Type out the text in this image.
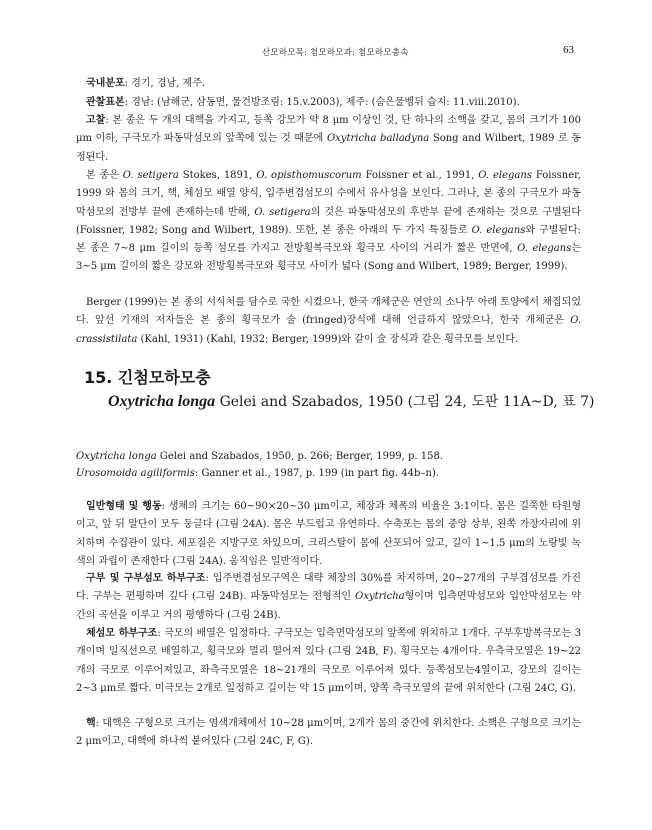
산모하모목: 첨모하모과: 첨모하모충속	63

국내분포: 경기, 경남, 제주.

관찰표본: 경남: (남해군, 삼동면, 물건방조림: 15.v.2003), 제주: (숨은물벵뒤 습지: 11.viii.2010).

고찰: 본 종은 두 개의 대핵을 가지고, 등쪽 강모가 약 8 μm 이상인 것, 단 하나의 소핵을 갖고, 몸의 크기가 100 μm 이하, 구극모가 파동막섬모의 앞쪽에 있는 것 때문에 Oxytricha balladyna Song and Wilbert, 1989 로 동정된다.

본 종은 O. setigera Stokes, 1891, O. opisthomuscorum Foissner et al., 1991, O. elegans Foissner, 1999 와 몸의 크기, 핵, 체섬모 배열 양식, 입주변겹섬모의 수에서 유사성을 보인다. 그러나, 본 종의 구극모가 파동막섬모의 전방부 끝에 존재하는데 반해, O. setigera의 것은 파동막섬모의 후반부 끝에 존재하는 것으로 구별된다 (Foissner, 1982; Song and Wilbert, 1989). 또한, 본 종은 아래의 두 가지 특징들로 O. elegans와 구별된다: 본 종은 7~8 μm 길이의 등쪽 섬모를 가지고 전방횡복극모와 횡극모 사이의 거리가 짧은 반면에, O. elegans는 3~5 μm 길이의 짧은 강모와 전방횡복극모와 횡극모 사이가 넓다 (Song and Wilbert, 1989; Berger, 1999).

Berger (1999)는 본 종의 서식처를 담수로 국한 시켰으나, 한국 개체군은 연안의 소나무 아래 토양에서 채집되었다. 앞선 기재의 저자들은 본 종의 횡극모가 술 (fringed)장식에 대해 언급하지 않았으나, 한국 개체군은 O. crassistilata (Kahl, 1931) (Kahl, 1932; Berger, 1999)와 같이 술 장식과 같은 횡극모를 보인다.

15. 긴첨모하모충

Oxytricha longa Gelei and Szabados, 1950 (그림 24, 도판 11A~D, 표 7)

Oxytricha longa Gelei and Szabados, 1950, p. 266; Berger, 1999, p. 158.

Urosomoida agiliformis: Ganner et al., 1987, p. 199 (in part fig. 44b–n).

일반형태 및 행동: 생체의 크기는 60~90×20~30 μm이고, 체장과 체폭의 비율은 3:1이다. 몸은 길쭉한 타원형이고, 앞 뒤 말단이 모두 둥글다 (그림 24A). 몸은 부드럽고 유연하다. 수축포는 몸의 중앙 상부, 왼쪽 가장자리에 위치하며 수집관이 있다. 세포질은 지방구로 차있으며, 크리스탈이 몸에 산포되어 있고, 길이 1~1.5 μm의 노랑빛 녹색의 과립이 존재한다 (그림 24A). 움직임은 일반적이다.

구부 및 구부섬모 하부구조: 입주변겹섬모구역은 대략 체장의 30%를 차지하며, 20~27개의 구부겹섬모를 가진다. 구부는 편평하며 깊다 (그림 24B). 파동막섬모는 전형적인 Oxytricha형이며 입측면막섬모와 입안막섬모는 약간의 곡선을 이루고 거의 평행하다 (그림 24B).

체섬모 하부구조: 극모의 배열은 일정하다. 구극모는 입측면막섬모의 앞쪽에 위치하고 1개다. 구부후방복극모는 3개이며 일직선으로 배열하고, 횡극모와 멀리 떨어져 있다 (그림 24B, F). 횡극모는 4개이다. 우측극모열은 19~22개의 극모로 이루어져있고, 좌측극모열은 18~21개의 극모로 이루어져 있다. 등쪽섬모는4열이고, 강모의 길이는 2~3 μm로 짧다. 미극모는 2개로 일정하고 길이는 약 15 μm이며, 양쪽 측극모열의 끝에 위치한다 (그림 24C, G).

핵: 대핵은 구형으로 크기는 염색개체에서 10~28 μm이며, 2개가 몸의 중간에 위치한다. 소핵은 구형으로 크기는 2 μm이고, 대핵에 하나씩 붙어있다 (그림 24C, F, G).
